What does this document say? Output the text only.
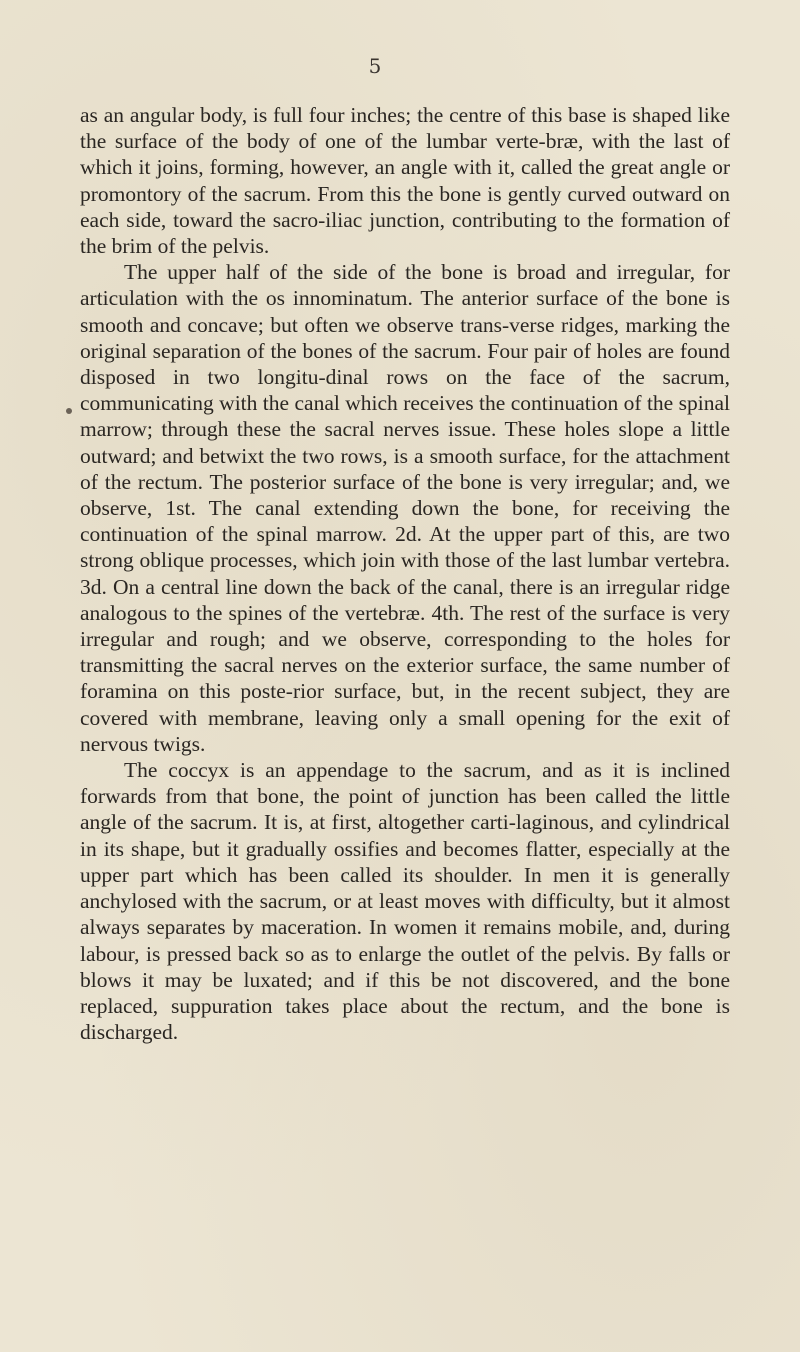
5

as an angular body, is full four inches; the centre of this base is shaped like the surface of the body of one of the lumbar verte-bræ, with the last of which it joins, forming, however, an angle with it, called the great angle or promontory of the sacrum. From this the bone is gently curved outward on each side, toward the sacro-iliac junction, contributing to the formation of the brim of the pelvis.

The upper half of the side of the bone is broad and irregular, for articulation with the os innominatum. The anterior surface of the bone is smooth and concave; but often we observe trans-verse ridges, marking the original separation of the bones of the sacrum. Four pair of holes are found disposed in two longitu-dinal rows on the face of the sacrum, communicating with the canal which receives the continuation of the spinal marrow; through these the sacral nerves issue. These holes slope a little outward; and betwixt the two rows, is a smooth surface, for the attachment of the rectum. The posterior surface of the bone is very irregular; and, we observe, 1st. The canal extending down the bone, for receiving the continuation of the spinal marrow. 2d. At the upper part of this, are two strong oblique processes, which join with those of the last lumbar vertebra. 3d. On a central line down the back of the canal, there is an irregular ridge analogous to the spines of the vertebræ. 4th. The rest of the surface is very irregular and rough; and we observe, corresponding to the holes for transmitting the sacral nerves on the exterior surface, the same number of foramina on this poste-rior surface, but, in the recent subject, they are covered with membrane, leaving only a small opening for the exit of nervous twigs.

The coccyx is an appendage to the sacrum, and as it is inclined forwards from that bone, the point of junction has been called the little angle of the sacrum. It is, at first, altogether carti-laginous, and cylindrical in its shape, but it gradually ossifies and becomes flatter, especially at the upper part which has been called its shoulder. In men it is generally anchylosed with the sacrum, or at least moves with difficulty, but it almost always separates by maceration. In women it remains mobile, and, during labour, is pressed back so as to enlarge the outlet of the pelvis. By falls or blows it may be luxated; and if this be not discovered, and the bone replaced, suppuration takes place about the rectum, and the bone is discharged.
